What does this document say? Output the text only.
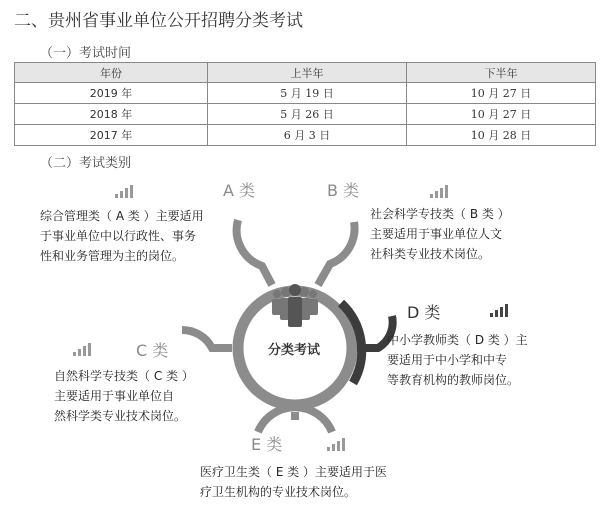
二、贵州省事业单位公开招聘分类考试
（一）考试时间
年份	上半年	下半年
2019 年	5 月 19 日	10 月 27 日
2018 年	5 月 26 日	10 月 27 日
2017 年	6 月 3 日	10 月 28 日
（二）考试类别
分类考试
A 类	B 类
C 类
D 类
E 类
综合管理类（ A 类 ）主要适用
于事业单位中以行政性、事务
性和业务管理为主的岗位。
社会科学专技类（ B 类 ）
主要适用于事业单位人文
社科类专业技术岗位。
自然科学专技类（ C 类 ）
主要适用于事业单位自
然科学类专业技术岗位。
中小学教师类（ D 类 ）主
要适用于中小学和中专
等教育机构的教师岗位。
医疗卫生类（ E 类 ）主要适用于医
疗卫生机构的专业技术岗位。
